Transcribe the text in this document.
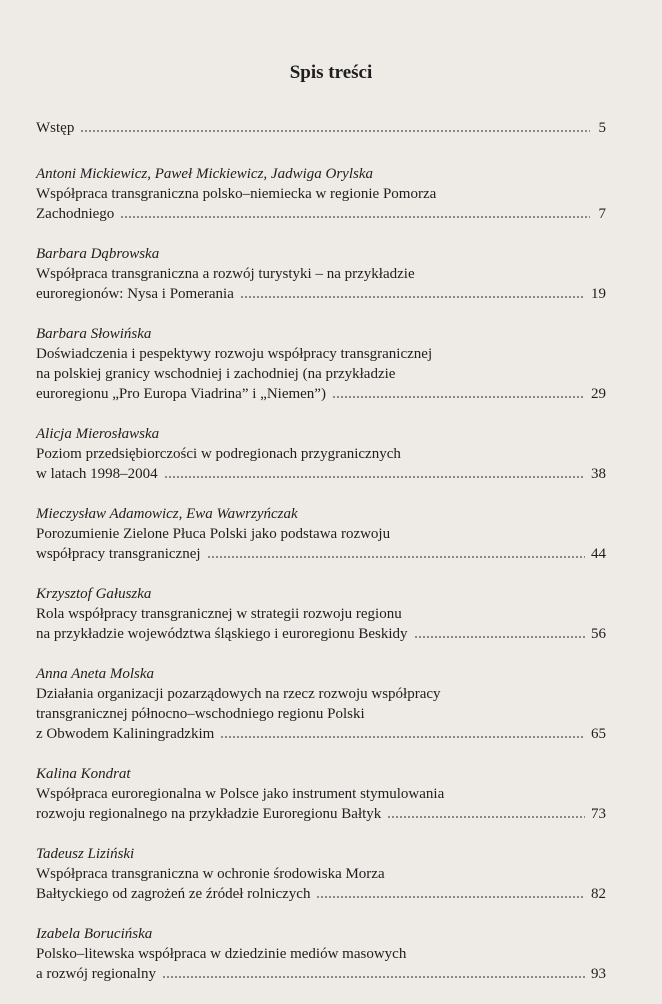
Spis treści
Wstęp	5
Antoni Mickiewicz, Paweł Mickiewicz, Jadwiga Orylska
Współpraca transgraniczna polsko–niemiecka w regionie Pomorza
Zachodniego	7
Barbara Dąbrowska
Współpraca transgraniczna a rozwój turystyki – na przykładzie
euroregionów: Nysa i Pomerania	19
Barbara Słowińska
Doświadczenia i pespektywy rozwoju współpracy transgranicznej
na polskiej granicy wschodniej i zachodniej (na przykładzie
euroregionu „Pro Europa Viadrina” i „Niemen”)	29
Alicja Mierosławska
Poziom przedsiębiorczości w podregionach przygranicznych
w latach 1998–2004	38
Mieczysław Adamowicz, Ewa Wawrzyńczak
Porozumienie Zielone Płuca Polski jako podstawa rozwoju
współpracy transgranicznej	44
Krzysztof Gałuszka
Rola współpracy transgranicznej w strategii rozwoju regionu
na przykładzie województwa śląskiego i euroregionu Beskidy	56
Anna Aneta Molska
Działania organizacji pozarządowych na rzecz rozwoju współpracy
transgranicznej północno–wschodniego regionu Polski
z Obwodem Kaliningradzkim	65
Kalina Kondrat
Współpraca euroregionalna w Polsce jako instrument stymulowania
rozwoju regionalnego na przykładzie Euroregionu Bałtyk	73
Tadeusz Liziński
Współpraca transgraniczna w ochronie środowiska Morza
Bałtyckiego od zagrożeń ze źródeł rolniczych	82
Izabela Borucińska
Polsko–litewska współpraca w dziedzinie mediów masowych
a rozwój regionalny	93
